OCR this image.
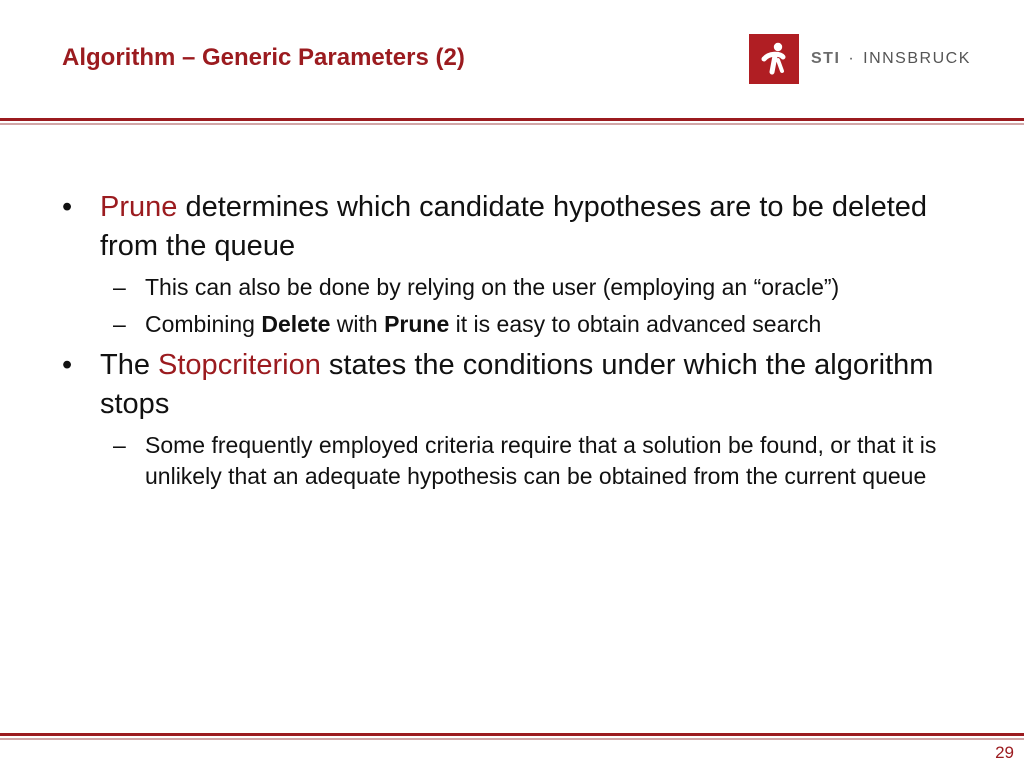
Algorithm – Generic Parameters (2)	STI · INNSBRUCK
• Prune determines which candidate hypotheses are to be deleted from the queue
– This can also be done by relying on the user (employing an “oracle”)
– Combining Delete with Prune it is easy to obtain advanced search
• The Stopcriterion states the conditions under which the algorithm stops
– Some frequently employed criteria require that a solution be found, or that it is unlikely that an adequate hypothesis can be obtained from the current queue
29
